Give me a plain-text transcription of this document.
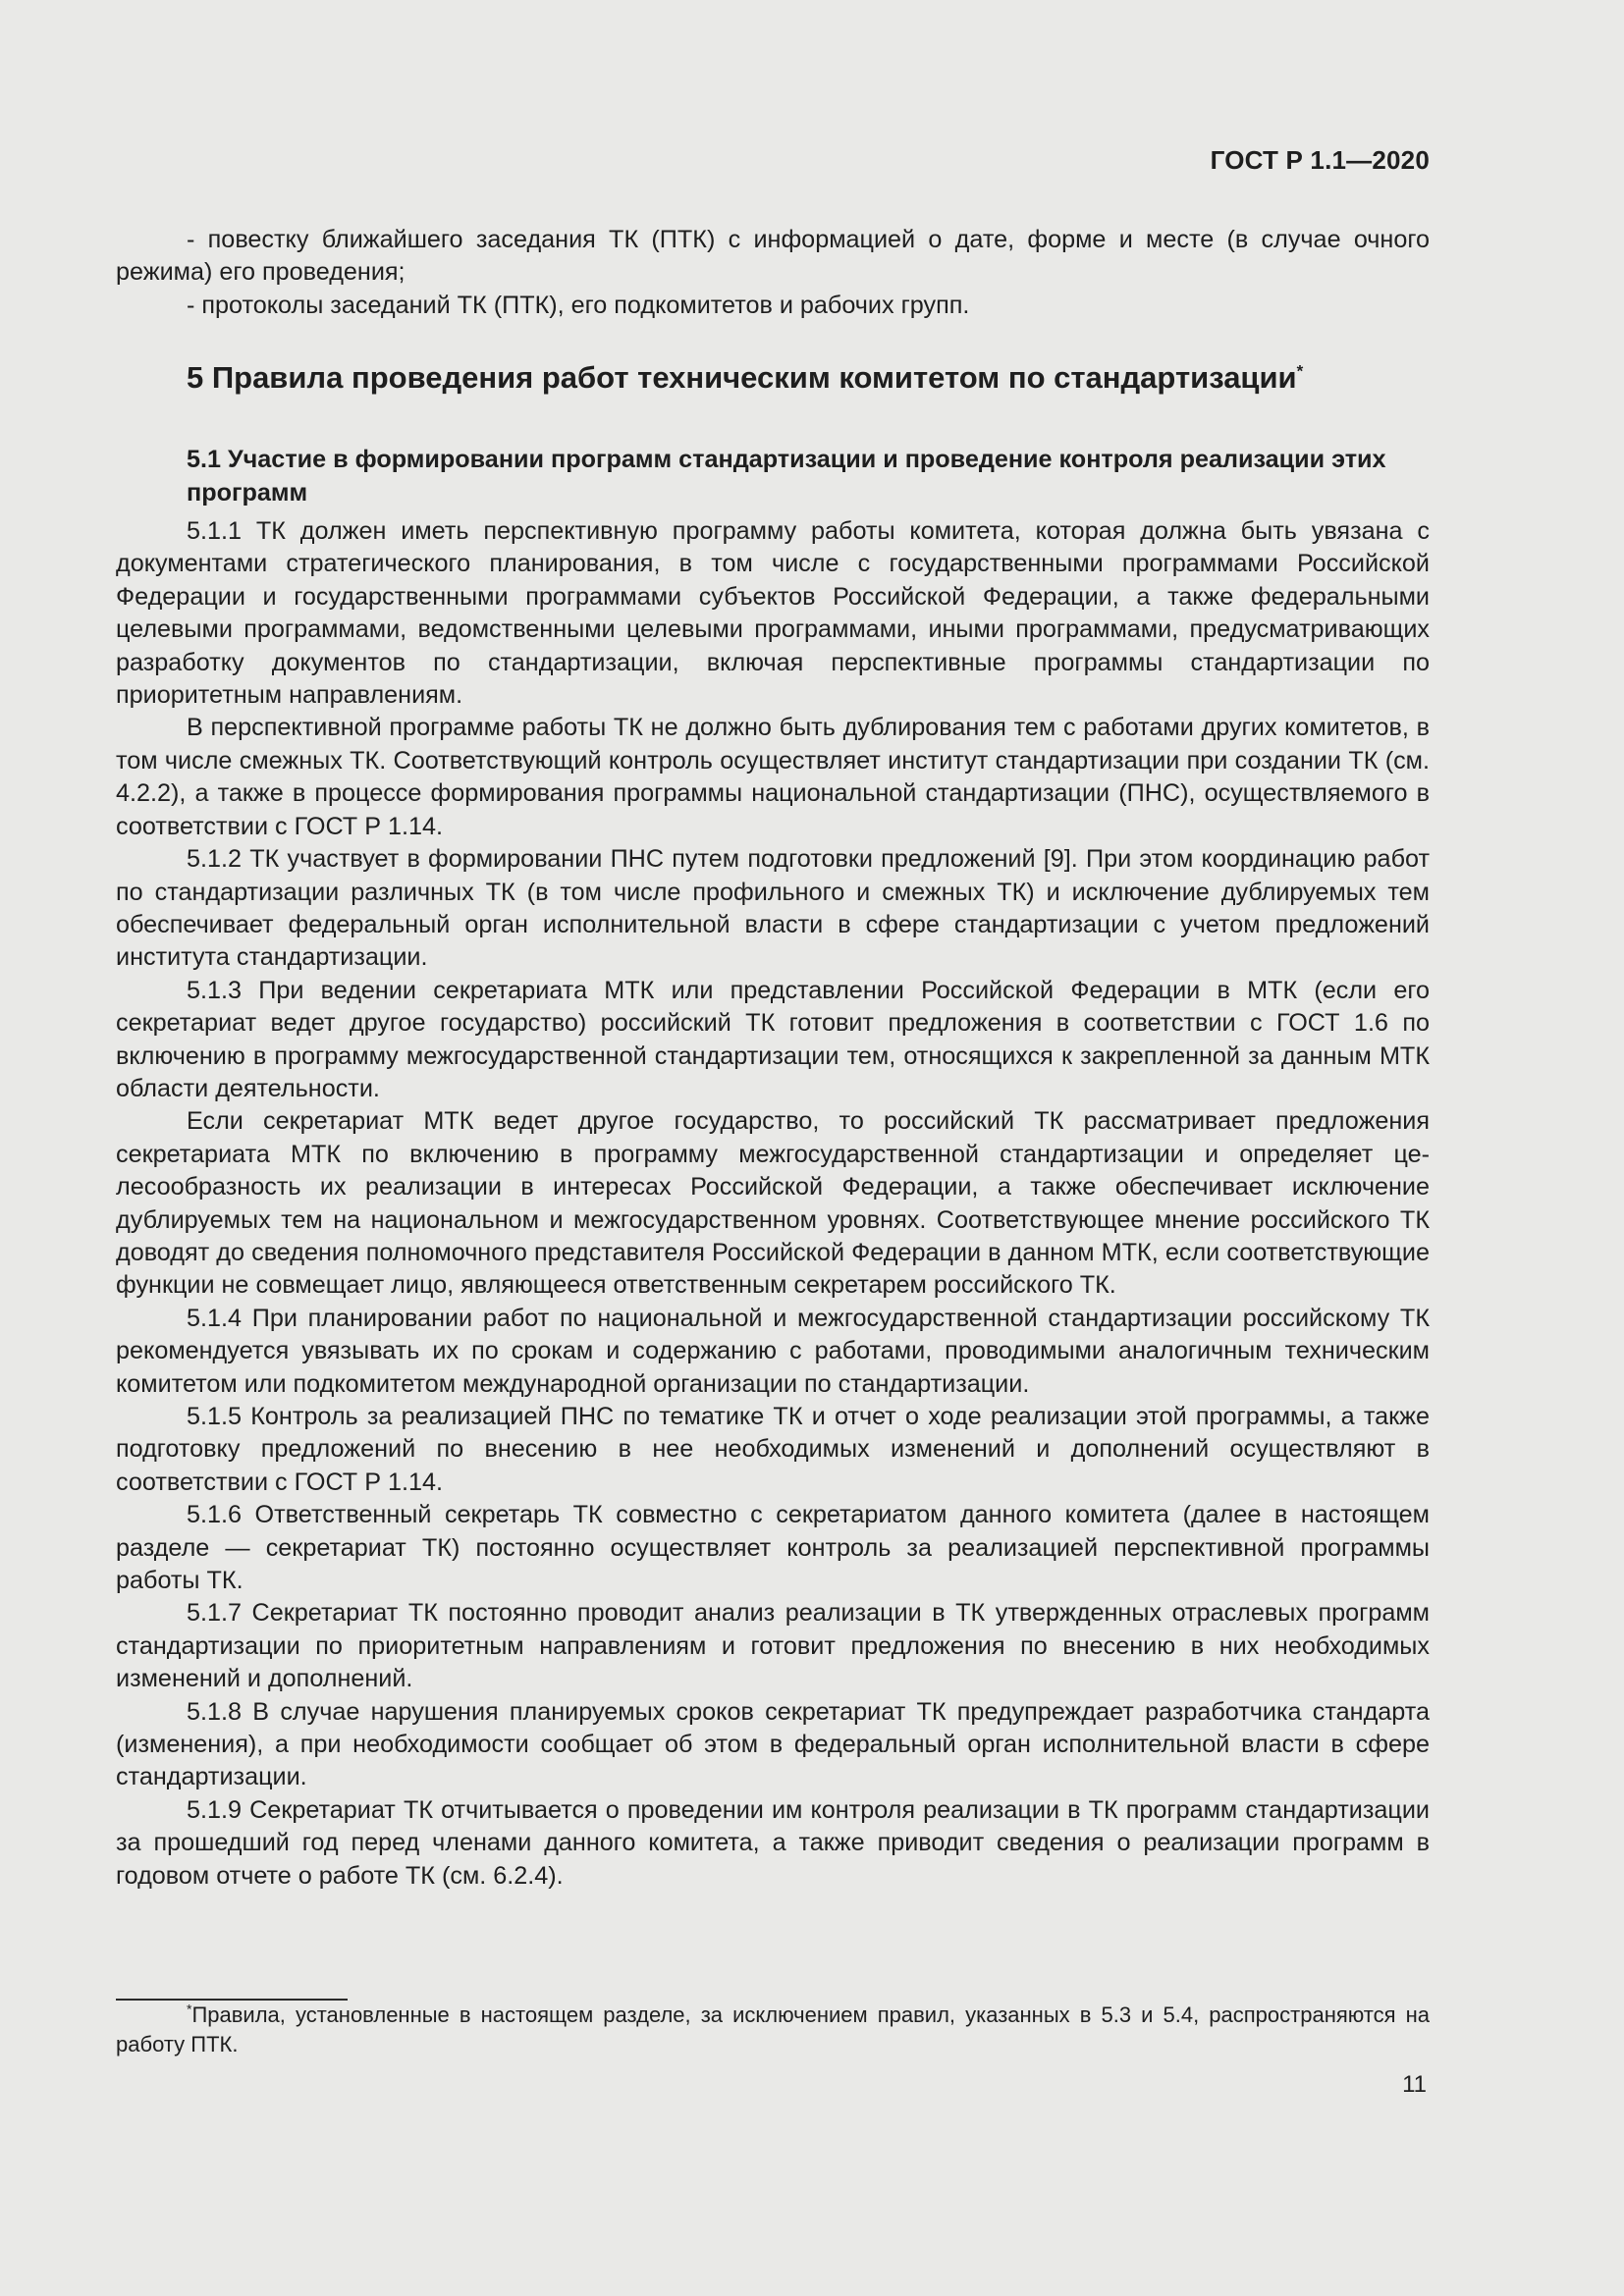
ГОСТ Р 1.1—2020

- повестку ближайшего заседания ТК (ПТК) с информацией о дате, форме и месте (в случае очного режима) его проведения;

- протоколы заседаний ТК (ПТК), его подкомитетов и рабочих групп.

5 Правила проведения работ техническим комитетом по стандартизации*
5.1 Участие в формировании программ стандартизации и проведение контроля реализации этих программ

5.1.1 ТК должен иметь перспективную программу работы комитета, которая должна быть увязана с документами стратегического планирования, в том числе с государственными программами Российской Федерации и государственными программами субъектов Российской Федерации, а также федеральными целевыми программами, ведомственными целевыми программами, иными программами, предусматривающих разработку документов по стандартизации, включая перспективные программы стандартизации по приоритетным направлениям.

В перспективной программе работы ТК не должно быть дублирования тем с работами других комитетов, в том числе смежных ТК. Соответствующий контроль осуществляет институт стандартизации при создании ТК (см. 4.2.2), а также в процессе формирования программы национальной стандартизации (ПНС), осуществляемого в соответствии с ГОСТ Р 1.14.

5.1.2 ТК участвует в формировании ПНС путем подготовки предложений [9]. При этом координацию работ по стандартизации различных ТК (в том числе профильного и смежных ТК) и исключение дублируемых тем обеспечивает федеральный орган исполнительной власти в сфере стандартизации с учетом предложений института стандартизации.

5.1.3 При ведении секретариата МТК или представлении Российской Федерации в МТК (если его секретариат ведет другое государство) российский ТК готовит предложения в соответствии с ГОСТ 1.6 по включению в программу межгосударственной стандартизации тем, относящихся к закрепленной за данным МТК области деятельности.

Если секретариат МТК ведет другое государство, то российский ТК рассматривает предложения секретариата МТК по включению в программу межгосударственной стандартизации и определяет целесообразность их реализации в интересах Российской Федерации, а также обеспечивает исключение дублируемых тем на национальном и межгосударственном уровнях. Соответствующее мнение российского ТК доводят до сведения полномочного представителя Российской Федерации в данном МТК, если соответствующие функции не совмещает лицо, являющееся ответственным секретарем российского ТК.

5.1.4 При планировании работ по национальной и межгосударственной стандартизации российскому ТК рекомендуется увязывать их по срокам и содержанию с работами, проводимыми аналогичным техническим комитетом или подкомитетом международной организации по стандартизации.

5.1.5 Контроль за реализацией ПНС по тематике ТК и отчет о ходе реализации этой программы, а также подготовку предложений по внесению в нее необходимых изменений и дополнений осуществляют в соответствии с ГОСТ Р 1.14.

5.1.6 Ответственный секретарь ТК совместно с секретариатом данного комитета (далее в настоящем разделе — секретариат ТК) постоянно осуществляет контроль за реализацией перспективной программы работы ТК.

5.1.7 Секретариат ТК постоянно проводит анализ реализации в ТК утвержденных отраслевых программ стандартизации по приоритетным направлениям и готовит предложения по внесению в них необходимых изменений и дополнений.

5.1.8 В случае нарушения планируемых сроков секретариат ТК предупреждает разработчика стандарта (изменения), а при необходимости сообщает об этом в федеральный орган исполнительной власти в сфере стандартизации.

5.1.9 Секретариат ТК отчитывается о проведении им контроля реализации в ТК программ стандартизации за прошедший год перед членами данного комитета, а также приводит сведения о реализации программ в годовом отчете о работе ТК (см. 6.2.4).

*Правила, установленные в настоящем разделе, за исключением правил, указанных в 5.3 и 5.4, распространяются на работу ПТК.

11
